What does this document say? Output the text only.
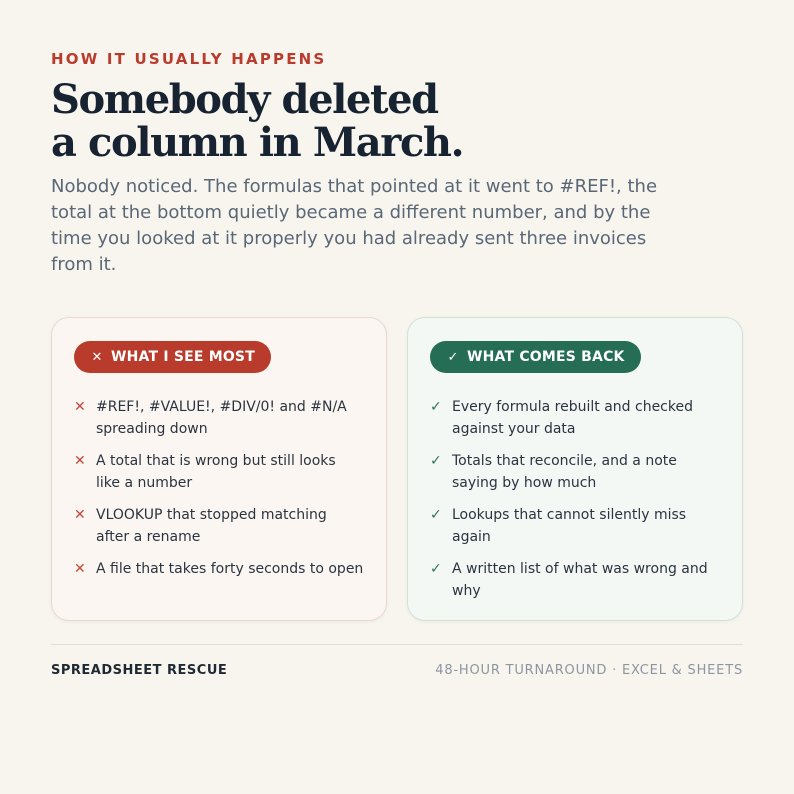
HOW IT USUALLY HAPPENS

Somebody deleted a column in March.

Nobody noticed. The formulas that pointed at it went to #REF!, the total at the bottom quietly became a different number, and by the time you looked at it properly you had already sent three invoices from it.

✕ WHAT I SEE MOST
✕ #REF!, #VALUE!, #DIV/0! and #N/A spreading down
✕ A total that is wrong but still looks like a number
✕ VLOOKUP that stopped matching after a rename
✕ A file that takes forty seconds to open
✓ WHAT COMES BACK
✓ Every formula rebuilt and checked against your data
✓ Totals that reconcile, and a note saying by how much
✓ Lookups that cannot silently miss again
✓ A written list of what was wrong and why
SPREADSHEET RESCUE	48-HOUR TURNAROUND · EXCEL & SHEETS
